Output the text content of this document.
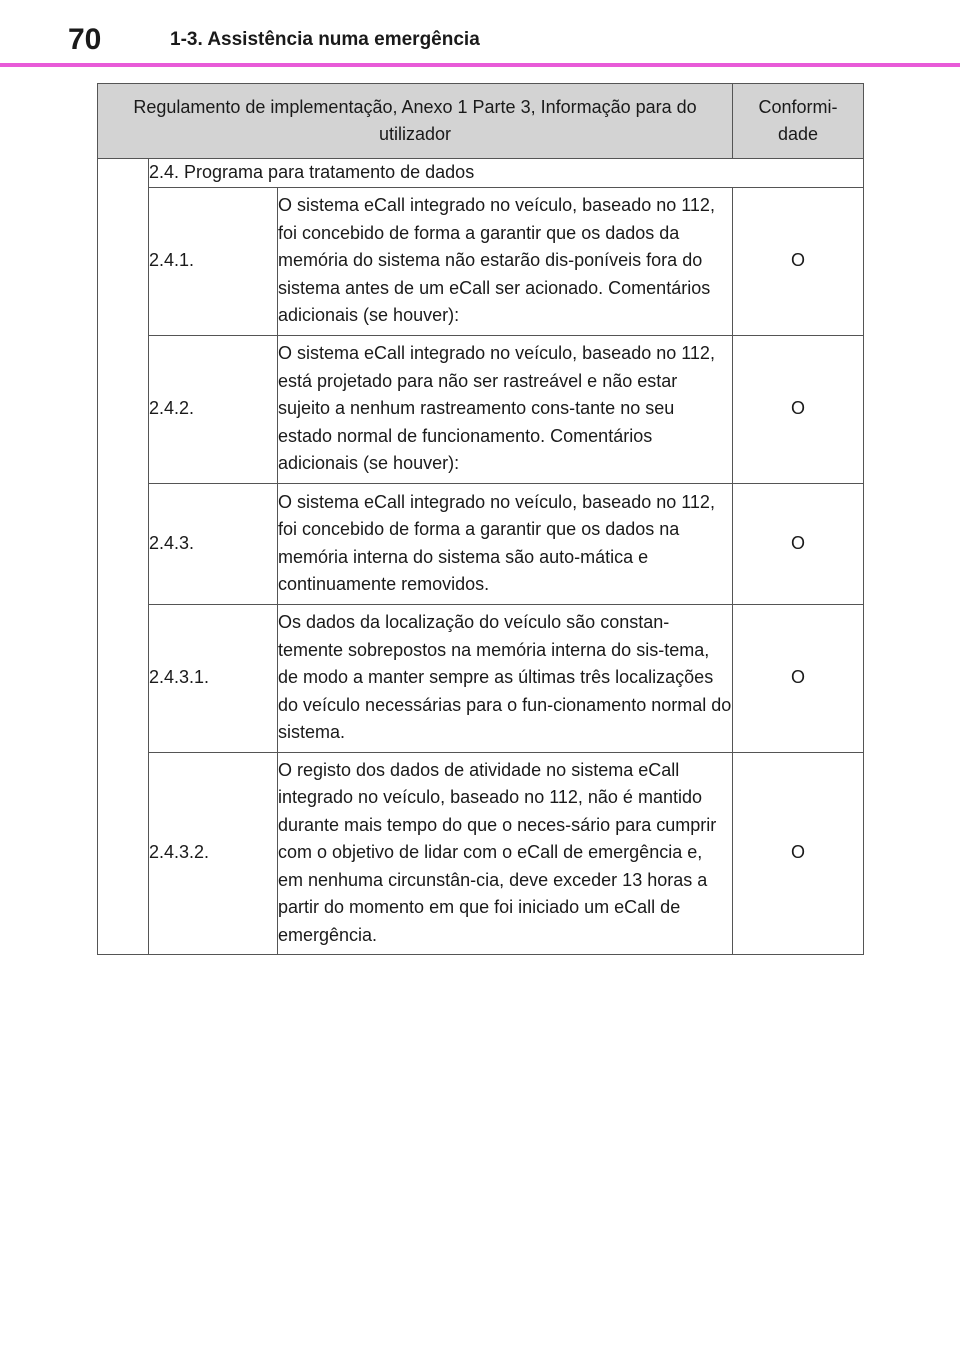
70	1-3. Assistência numa emergência
Regulamento de implementação, Anexo 1 Parte 3, Informação para do utilizador			Conformi-dade
	2.4. Programa para tratamento de dados		
	2.4.1.	O sistema eCall integrado no veículo, baseado no 112, foi concebido de forma a garantir que os dados da memória do sistema não estarão dis-poníveis fora do sistema antes de um eCall ser acionado. Comentários adicionais (se houver):	O
	2.4.2.	O sistema eCall integrado no veículo, baseado no 112, está projetado para não ser rastreável e não estar sujeito a nenhum rastreamento cons-tante no seu estado normal de funcionamento. Comentários adicionais (se houver):	O
	2.4.3.	O sistema eCall integrado no veículo, baseado no 112, foi concebido de forma a garantir que os dados na memória interna do sistema são auto-mática e continuamente removidos.	O
	2.4.3.1.	Os dados da localização do veículo são constan-temente sobrepostos na memória interna do sis-tema, de modo a manter sempre as últimas três localizações do veículo necessárias para o fun-cionamento normal do sistema.	O
	2.4.3.2.	O registo dos dados de atividade no sistema eCall integrado no veículo, baseado no 112, não é mantido durante mais tempo do que o neces-sário para cumprir com o objetivo de lidar com o eCall de emergência e, em nenhuma circunstân-cia, deve exceder 13 horas a partir do momento em que foi iniciado um eCall de emergência.	O
